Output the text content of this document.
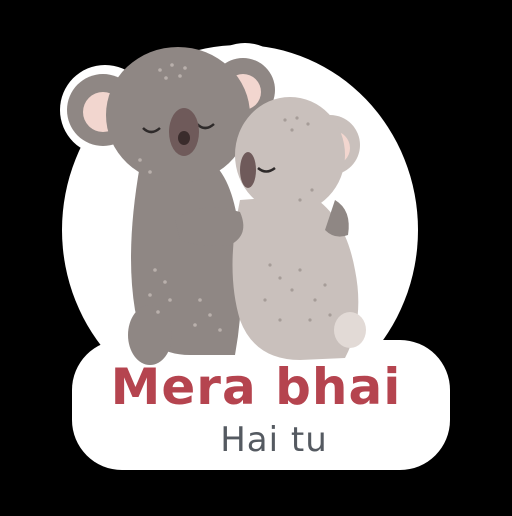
Mera bhai

Hai tu
